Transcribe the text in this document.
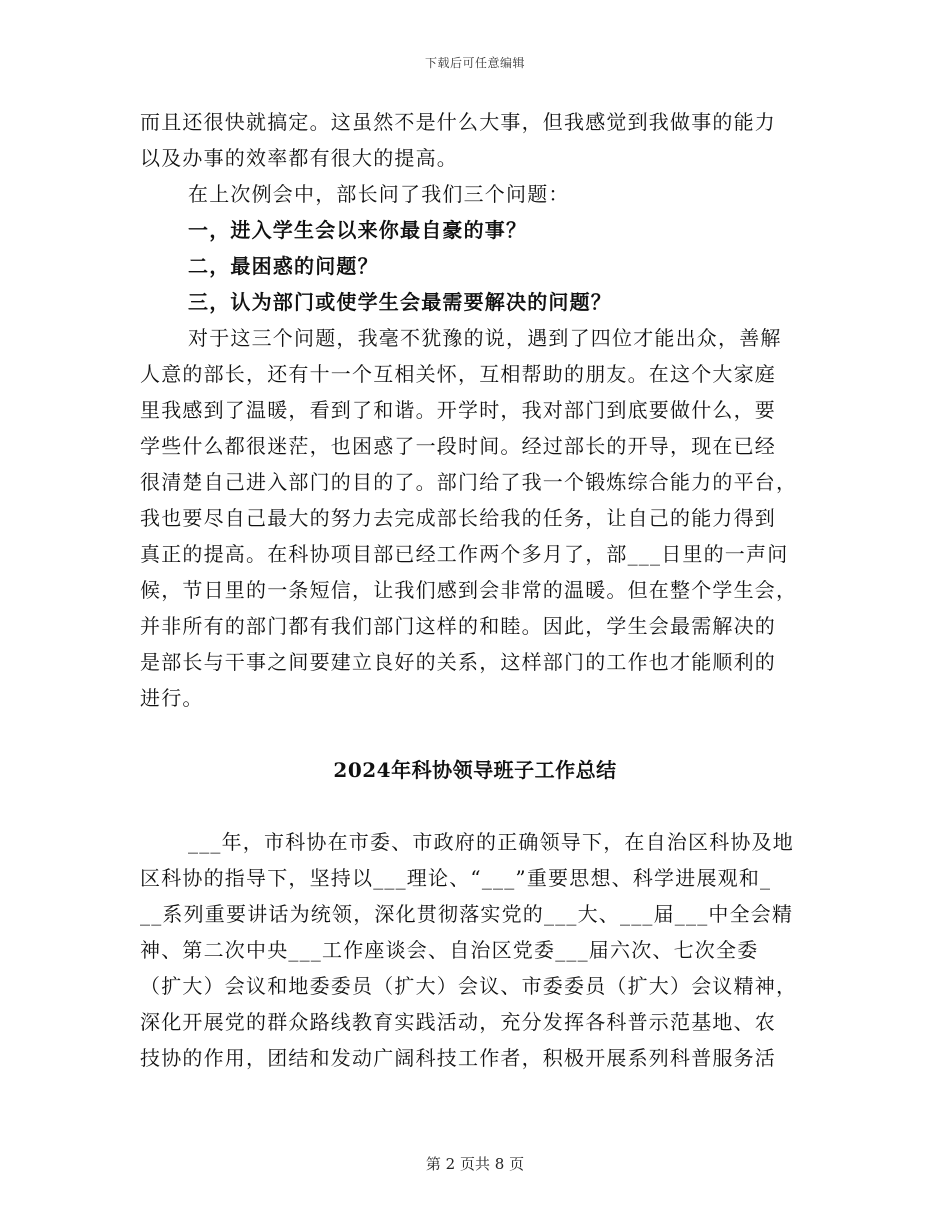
下载后可任意编辑
而且还很快就搞定。这虽然不是什么大事，但我感觉到我做事的能力
以及办事的效率都有很大的提高。
在上次例会中，部长问了我们三个问题：
一，进入学生会以来你最自豪的事？
二，最困惑的问题？
三，认为部门或使学生会最需要解决的问题？
对于这三个问题，我毫不犹豫的说，遇到了四位才能出众，善解
人意的部长，还有十一个互相关怀，互相帮助的朋友。在这个大家庭
里我感到了温暖，看到了和谐。开学时，我对部门到底要做什么，要
学些什么都很迷茫，也困惑了一段时间。经过部长的开导，现在已经
很清楚自己进入部门的目的了。部门给了我一个锻炼综合能力的平台，
我也要尽自己最大的努力去完成部长给我的任务，让自己的能力得到
真正的提高。在科协项目部已经工作两个多月了，部___日里的一声问
候，节日里的一条短信，让我们感到会非常的温暖。但在整个学生会，
并非所有的部门都有我们部门这样的和睦。因此，学生会最需解决的
是部长与干事之间要建立良好的关系，这样部门的工作也才能顺利的
进行。
2024年科协领导班子工作总结
___年，市科协在市委、市政府的正确领导下，在自治区科协及地
区科协的指导下，坚持以___理论、“___”重要思想、科学进展观和_
__系列重要讲话为统领，深化贯彻落实党的___大、___届___中全会精
神、第二次中央___工作座谈会、自治区党委___届六次、七次全委
（扩大）会议和地委委员（扩大）会议、市委委员（扩大）会议精神，
深化开展党的群众路线教育实践活动，充分发挥各科普示范基地、农
技协的作用，团结和发动广阔科技工作者，积极开展系列科普服务活
第 2 页共 8 页
